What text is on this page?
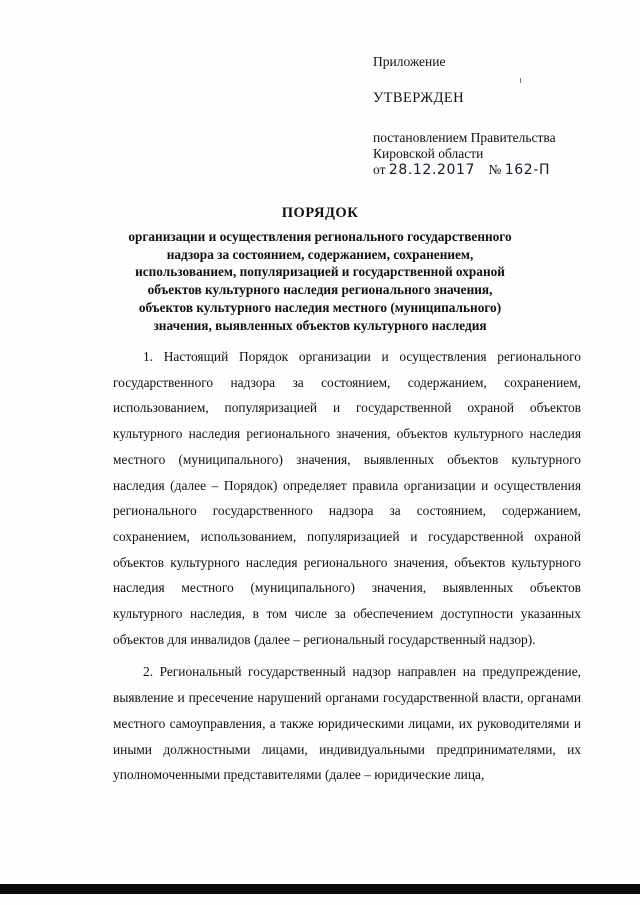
Приложение

УТВЕРЖДЕН

постановлением Правительства

Кировской области

от 28.12.2017 № 162-П

ПОРЯДОК

организации и осуществления регионального государственного

надзора за состоянием, содержанием, сохранением,

использованием, популяризацией и государственной охраной

объектов культурного наследия регионального значения,

объектов культурного наследия местного (муниципального)

значения, выявленных объектов культурного наследия

1. Настоящий Порядок организации и осуществления регионального государственного надзора за состоянием, содержанием, сохранением, использованием, популяризацией и государственной охраной объектов культурного наследия регионального значения, объектов культурного наследия местного (муниципального) значения, выявленных объектов культурного наследия (далее – Порядок) определяет правила организации и осуществления регионального государственного надзора за состоянием, содержанием, сохранением, использованием, популяризацией и государственной охраной объектов культурного наследия регионального значения, объектов культурного наследия местного (муниципального) значения, выявленных объектов культурного наследия, в том числе за обеспечением доступности указанных объектов для инвалидов (далее – региональный государственный надзор).

2. Региональный государственный надзор направлен на предупреждение, выявление и пресечение нарушений органами государственной власти, органами местного самоуправления, а также юридическими лицами, их руководителями и иными должностными лицами, индивидуальными предпринимателями, их уполномоченными представителями (далее – юридические лица,
